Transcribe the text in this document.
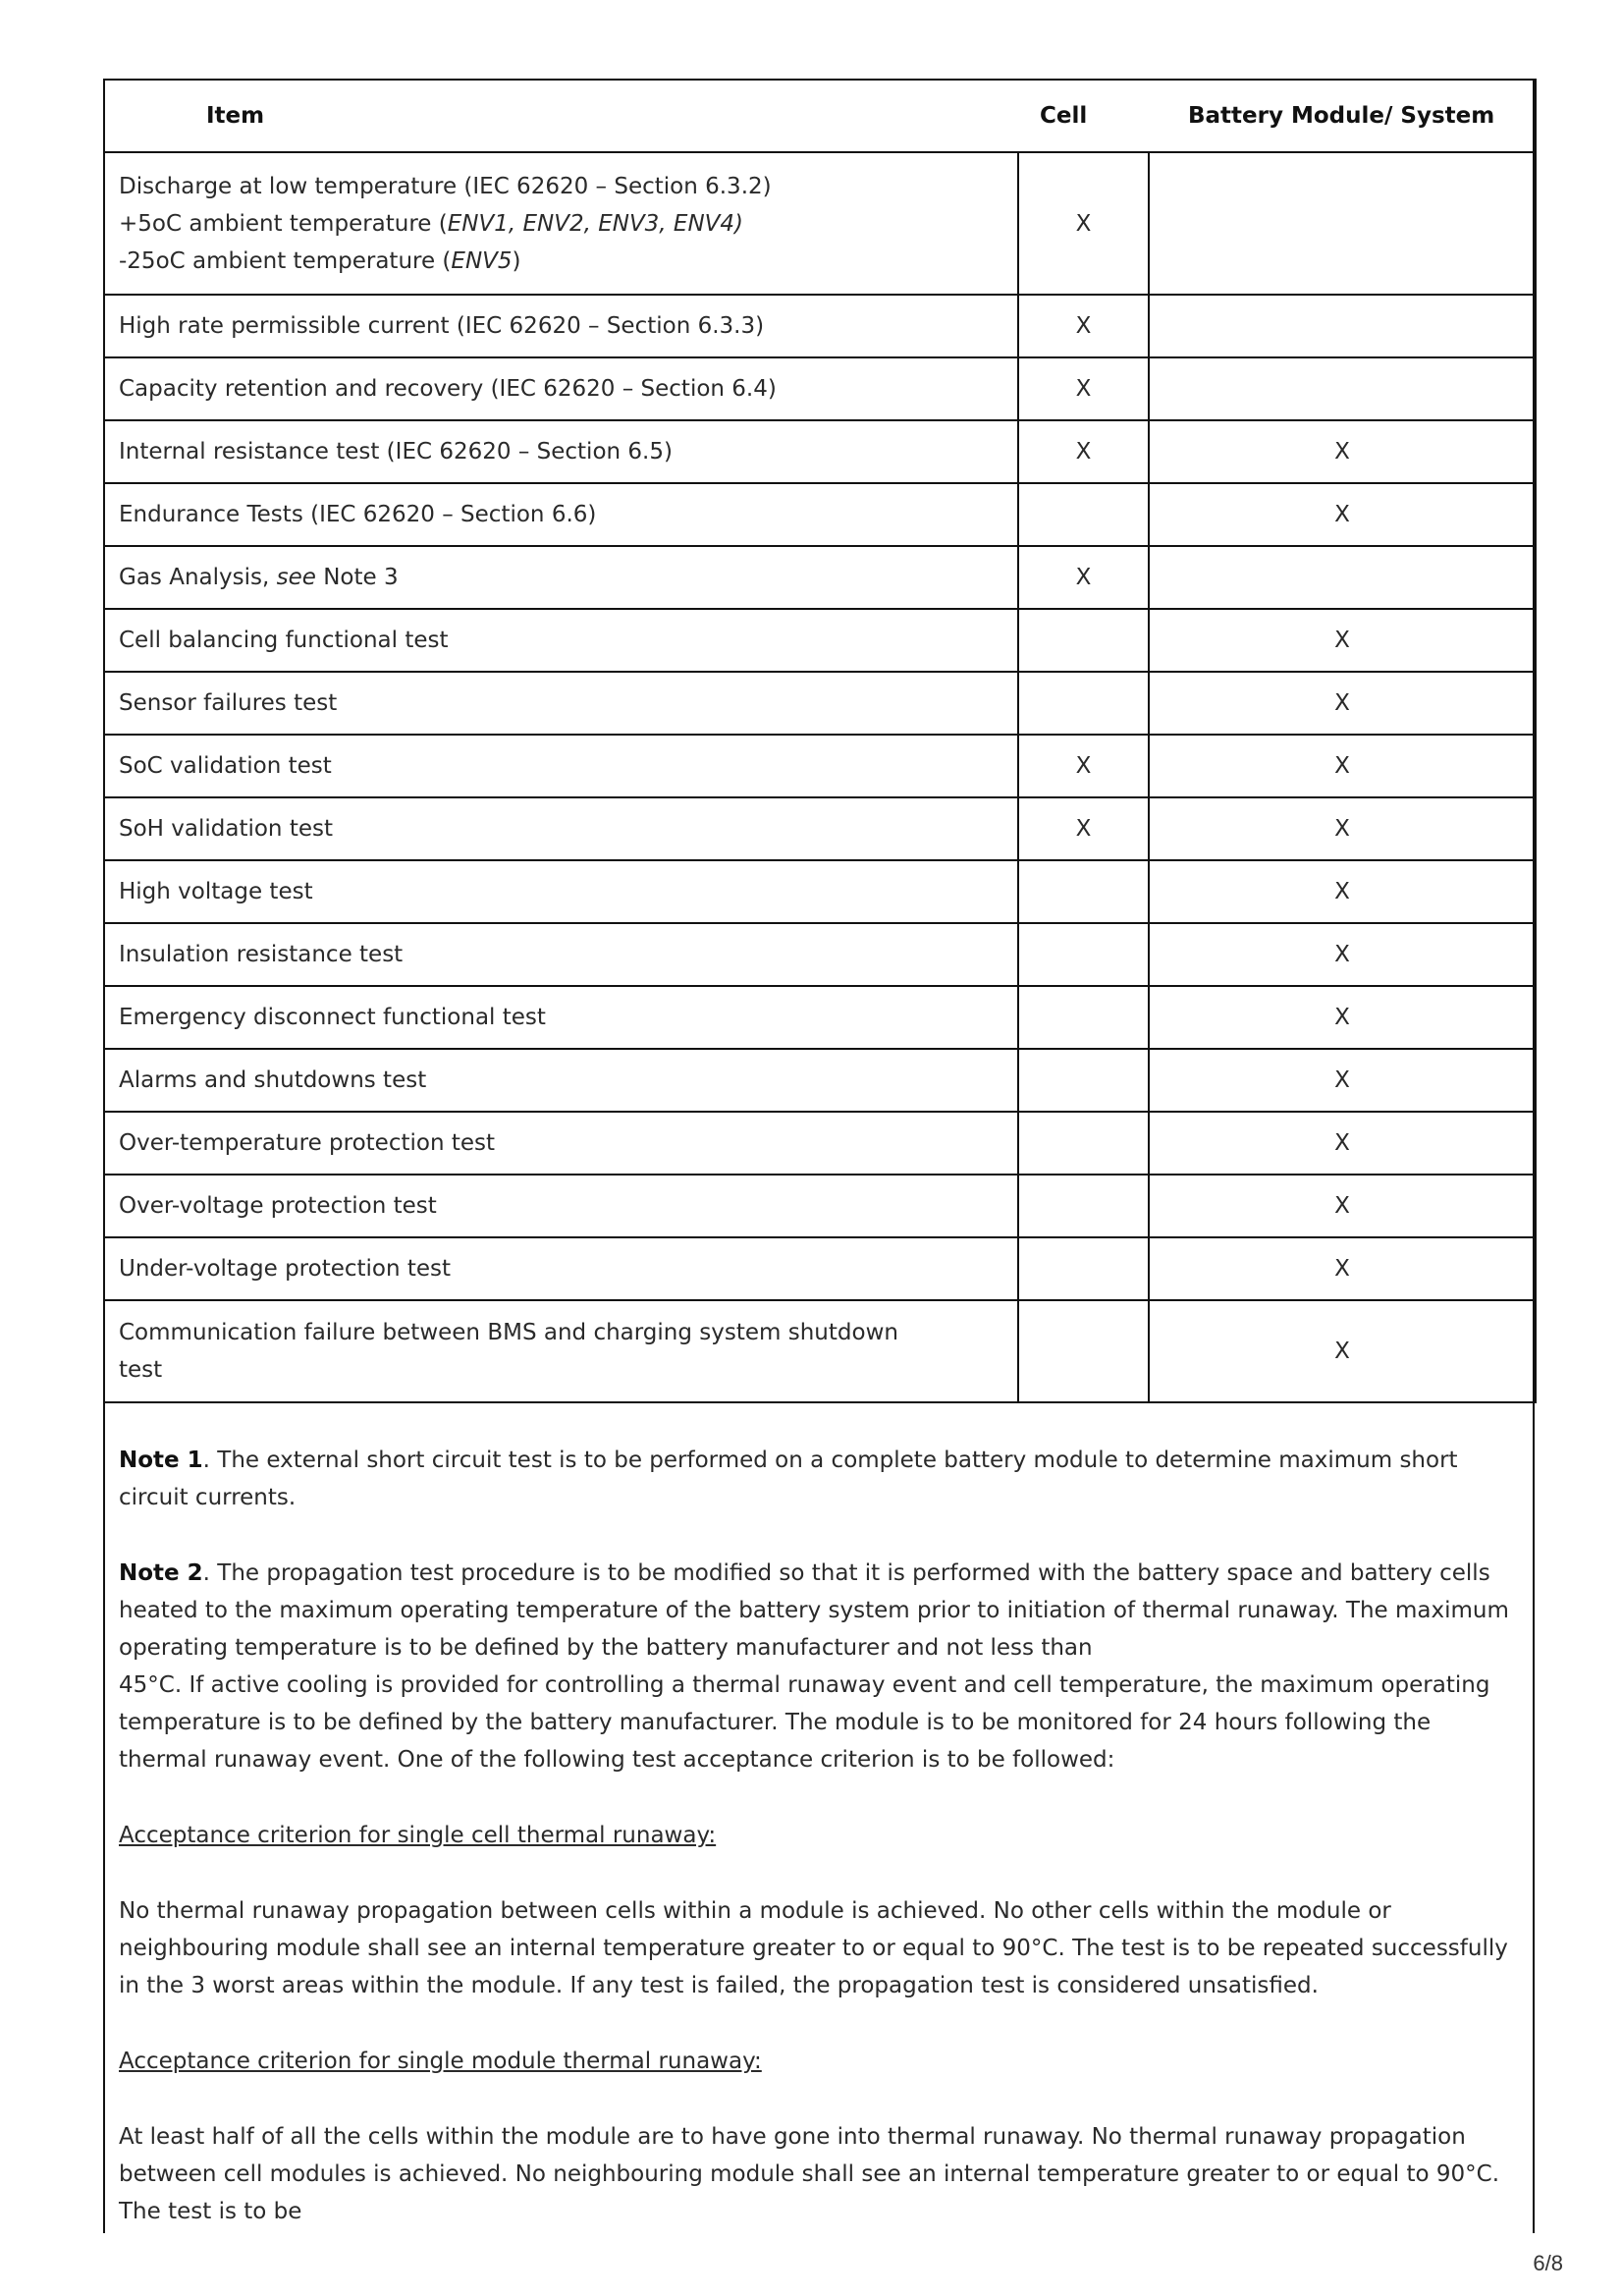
Item	Cell	Battery Module/ System

Discharge at low temperature (IEC 62620 – Section 6.3.2)
+5oC ambient temperature (ENV1, ENV2, ENV3, ENV4)
-25oC ambient temperature (ENV5)	X	
High rate permissible current (IEC 62620 – Section 6.3.3)	X	
Capacity retention and recovery (IEC 62620 – Section 6.4)	X	
Internal resistance test (IEC 62620 – Section 6.5)	X	X
Endurance Tests (IEC 62620 – Section 6.6)		X
Gas Analysis, see Note 3	X	
Cell balancing functional test		X
Sensor failures test		X
SoC validation test	X	X
SoH validation test	X	X
High voltage test		X
Insulation resistance test		X
Emergency disconnect functional test		X
Alarms and shutdowns test		X
Over-temperature protection test		X
Over-voltage protection test		X
Under-voltage protection test		X

Communication failure between BMS and charging system shutdown
test		X

Note 1. The external short circuit test is to be performed on a complete battery module to determine maximum short circuit currents.

Note 2. The propagation test procedure is to be modified so that it is performed with the battery space and battery cells heated to the maximum operating temperature of the battery system prior to initiation of thermal runaway. The maximum operating temperature is to be defined by the battery manufacturer and not less than
45°C. If active cooling is provided for controlling a thermal runaway event and cell temperature, the maximum operating temperature is to be defined by the battery manufacturer. The module is to be monitored for 24 hours following the thermal runaway event. One of the following test acceptance criterion is to be followed:

Acceptance criterion for single cell thermal runaway:

No thermal runaway propagation between cells within a module is achieved. No other cells within the module or neighbouring module shall see an internal temperature greater to or equal to 90°C. The test is to be repeated successfully in the 3 worst areas within the module. If any test is failed, the propagation test is considered unsatisfied.

Acceptance criterion for single module thermal runaway:

At least half of all the cells within the module are to have gone into thermal runaway. No thermal runaway propagation between cell modules is achieved. No neighbouring module shall see an internal temperature greater to or equal to 90°C. The test is to be

6/8
